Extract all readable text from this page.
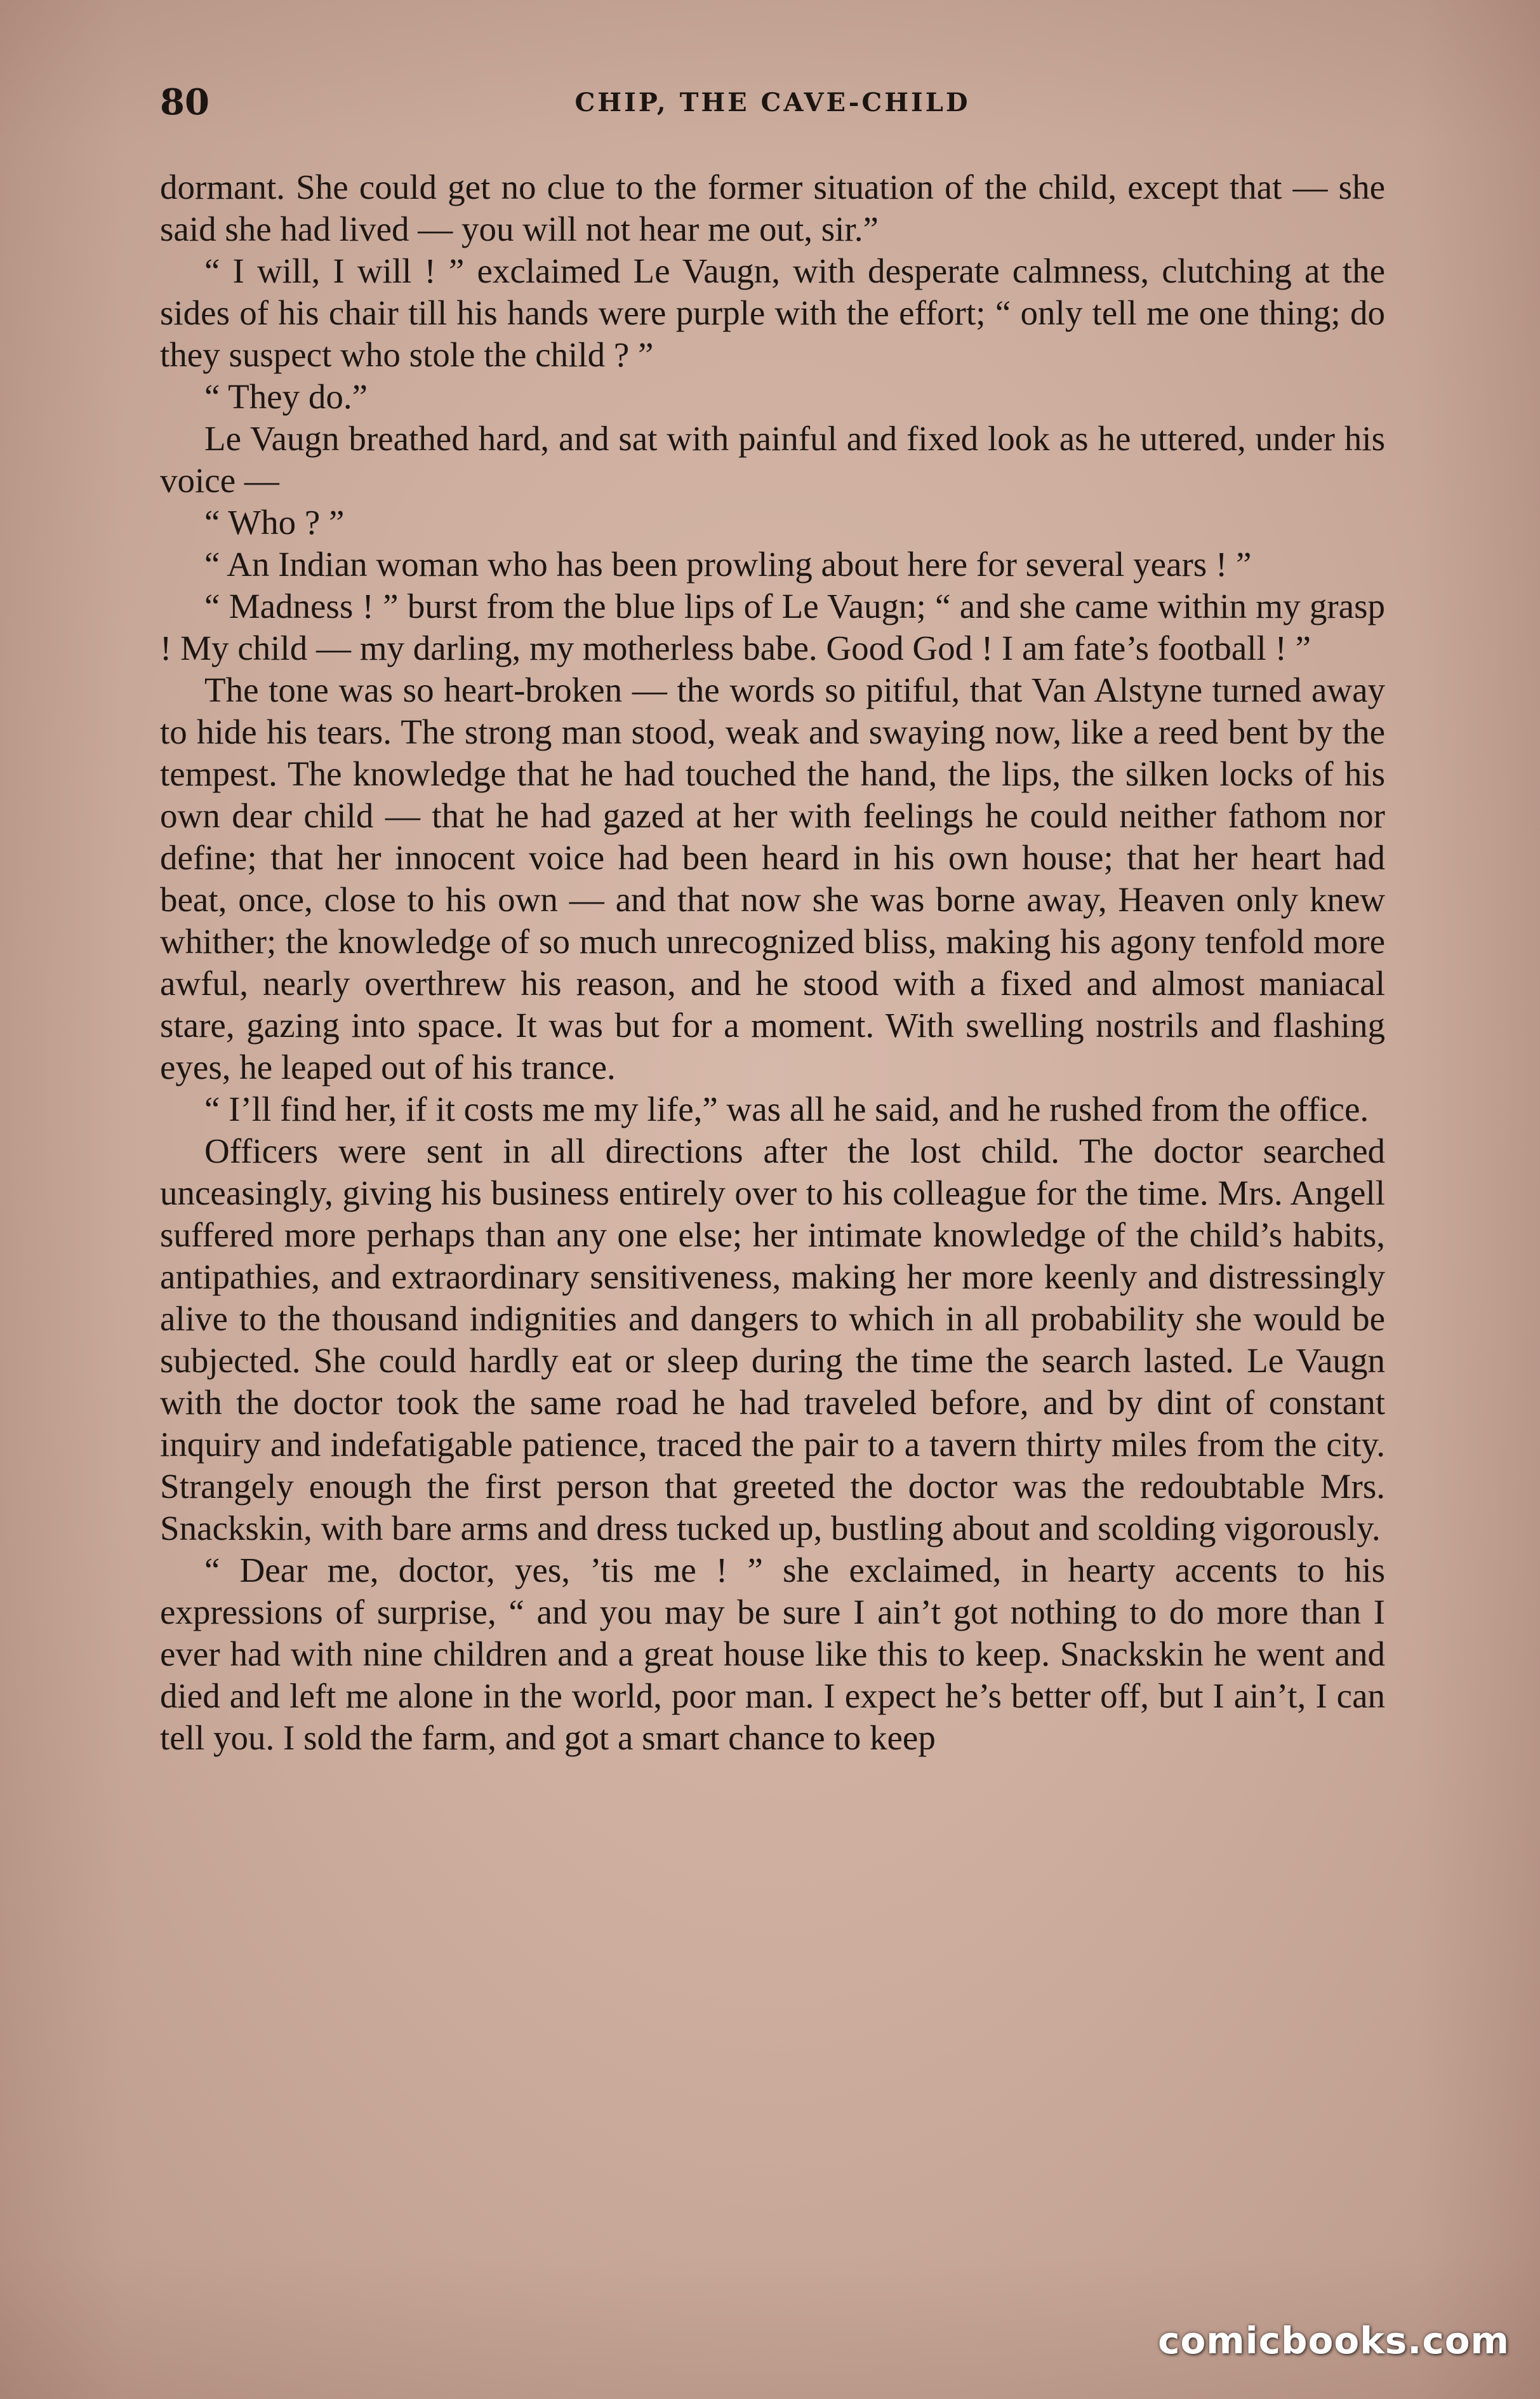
80	CHIP, THE CAVE-CHILD

dormant. She could get no clue to the former situation of the child, except that — she said she had lived — you will not hear me out, sir.”

“ I will, I will ! ” exclaimed Le Vaugn, with desperate calmness, clutching at the sides of his chair till his hands were purple with the effort; “ only tell me one thing; do they suspect who stole the child ? ”

“ They do.”

Le Vaugn breathed hard, and sat with painful and fixed look as he uttered, under his voice —

“ Who ? ”

“ An Indian woman who has been prowling about here for several years ! ”

“ Madness ! ” burst from the blue lips of Le Vaugn; “ and she came within my grasp ! My child — my darling, my motherless babe. Good God ! I am fate’s football ! ”

The tone was so heart-broken — the words so pitiful, that Van Alstyne turned away to hide his tears. The strong man stood, weak and swaying now, like a reed bent by the tempest. The knowledge that he had touched the hand, the lips, the silken locks of his own dear child — that he had gazed at her with feelings he could neither fathom nor define; that her innocent voice had been heard in his own house; that her heart had beat, once, close to his own — and that now she was borne away, Heaven only knew whither; the knowledge of so much unrecognized bliss, making his agony tenfold more awful, nearly overthrew his reason, and he stood with a fixed and almost maniacal stare, gazing into space. It was but for a moment. With swelling nostrils and flashing eyes, he leaped out of his trance.

“ I’ll find her, if it costs me my life,” was all he said, and he rushed from the office.

Officers were sent in all directions after the lost child. The doctor searched unceasingly, giving his business entirely over to his colleague for the time. Mrs. Angell suffered more perhaps than any one else; her intimate knowledge of the child’s habits, antipathies, and extraordinary sensitiveness, making her more keenly and distressingly alive to the thousand indignities and dangers to which in all probability she would be subjected. She could hardly eat or sleep during the time the search lasted. Le Vaugn with the doctor took the same road he had traveled before, and by dint of constant inquiry and indefatigable patience, traced the pair to a tavern thirty miles from the city. Strangely enough the first person that greeted the doctor was the redoubtable Mrs. Snackskin, with bare arms and dress tucked up, bustling about and scolding vigorously.

“ Dear me, doctor, yes, ’tis me ! ” she exclaimed, in hearty accents to his expressions of surprise, “ and you may be sure I ain’t got nothing to do more than I ever had with nine children and a great house like this to keep. Snackskin he went and died and left me alone in the world, poor man. I expect he’s better off, but I ain’t, I can tell you. I sold the farm, and got a smart chance to keep

comicbooks.com
